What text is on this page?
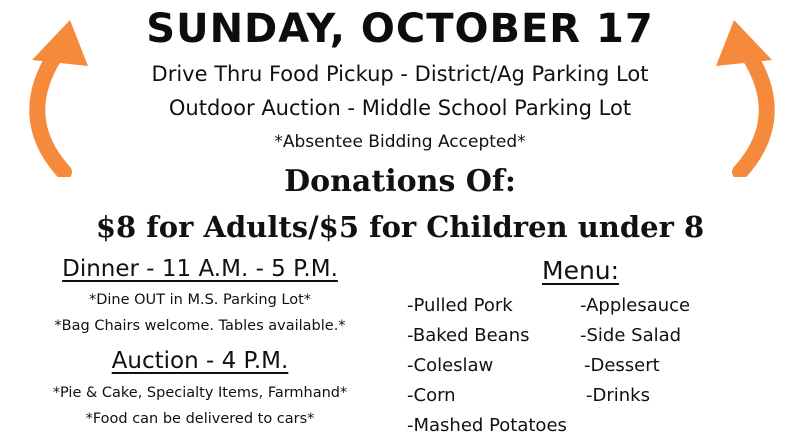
SUNDAY, OCTOBER 17
Drive Thru Food Pickup - District/Ag Parking Lot
Outdoor Auction - Middle School Parking Lot
*Absentee Bidding Accepted*
Donations Of:
$8 for Adults/$5 for Children under 8
Dinner - 11 A.M. - 5 P.M.
*Dine OUT in M.S. Parking Lot*
*Bag Chairs welcome. Tables available.*
Auction - 4 P.M.
*Pie & Cake, Specialty Items, Farmhand*
*Food can be delivered to cars*
Menu:
-Pulled Pork
-Baked Beans
-Coleslaw
-Corn
-Mashed Potatoes
-Applesauce
-Side Salad
-Dessert
-Drinks
